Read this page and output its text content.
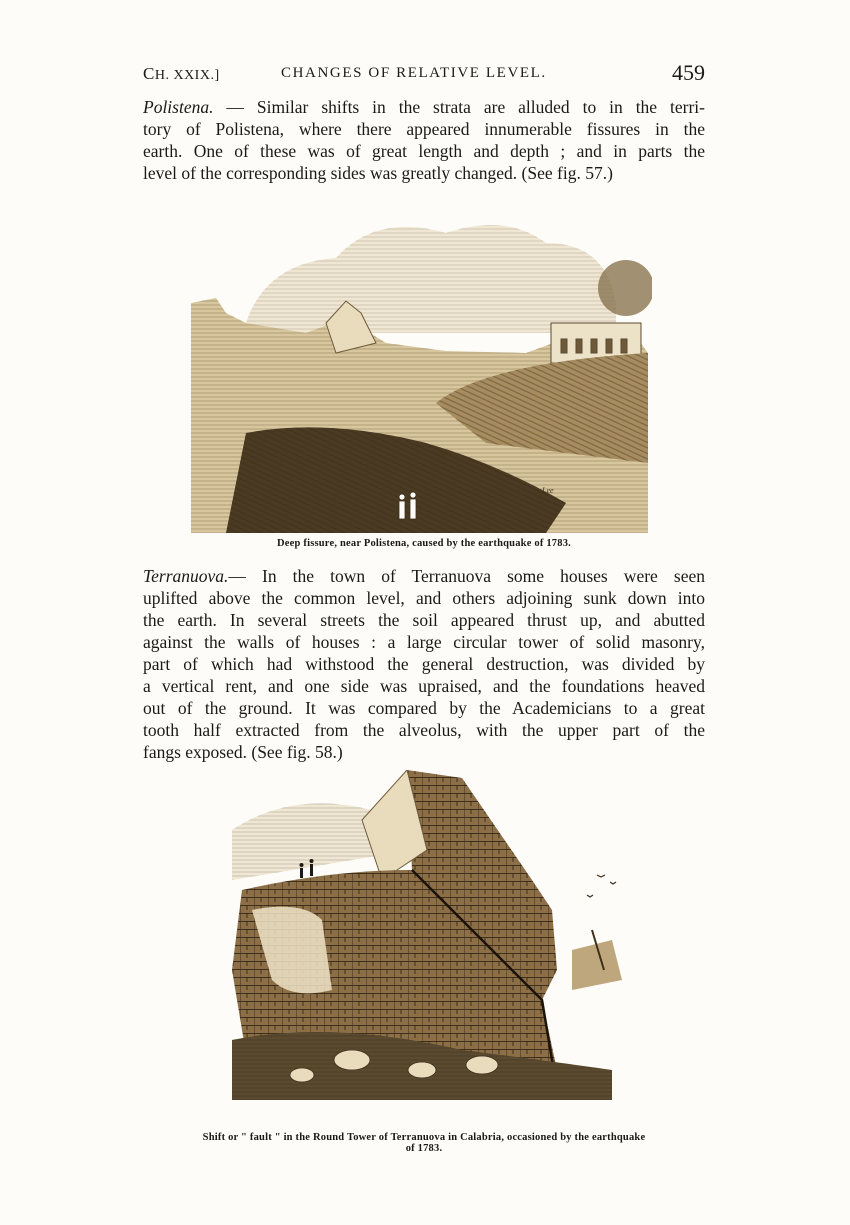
CH. XXIX.]	CHANGES OF RELATIVE LEVEL.	459

Polistena. — Similar shifts in the strata are alluded to in the terri-

tory of Polistena, where there appeared innumerable fissures in the

earth. One of these was of great length and depth ; and in parts the

level of the corresponding sides was greatly changed. (See fig. 57.)

Lee
Deep fissure, near Polistena, caused by the earthquake of 1783.

Terranuova.— In the town of Terranuova some houses were seen

uplifted above the common level, and others adjoining sunk down into

the earth. In several streets the soil appeared thrust up, and abutted

against the walls of houses : a large circular tower of solid masonry,

part of which had withstood the general destruction, was divided by

a vertical rent, and one side was upraised, and the foundations heaved

out of the ground. It was compared by the Academicians to a great

tooth half extracted from the alveolus, with the upper part of the

fangs exposed. (See fig. 58.)

Shift or " fault " in the Round Tower of Terranuova in Calabria, occasioned by the earthquake
of 1783.
